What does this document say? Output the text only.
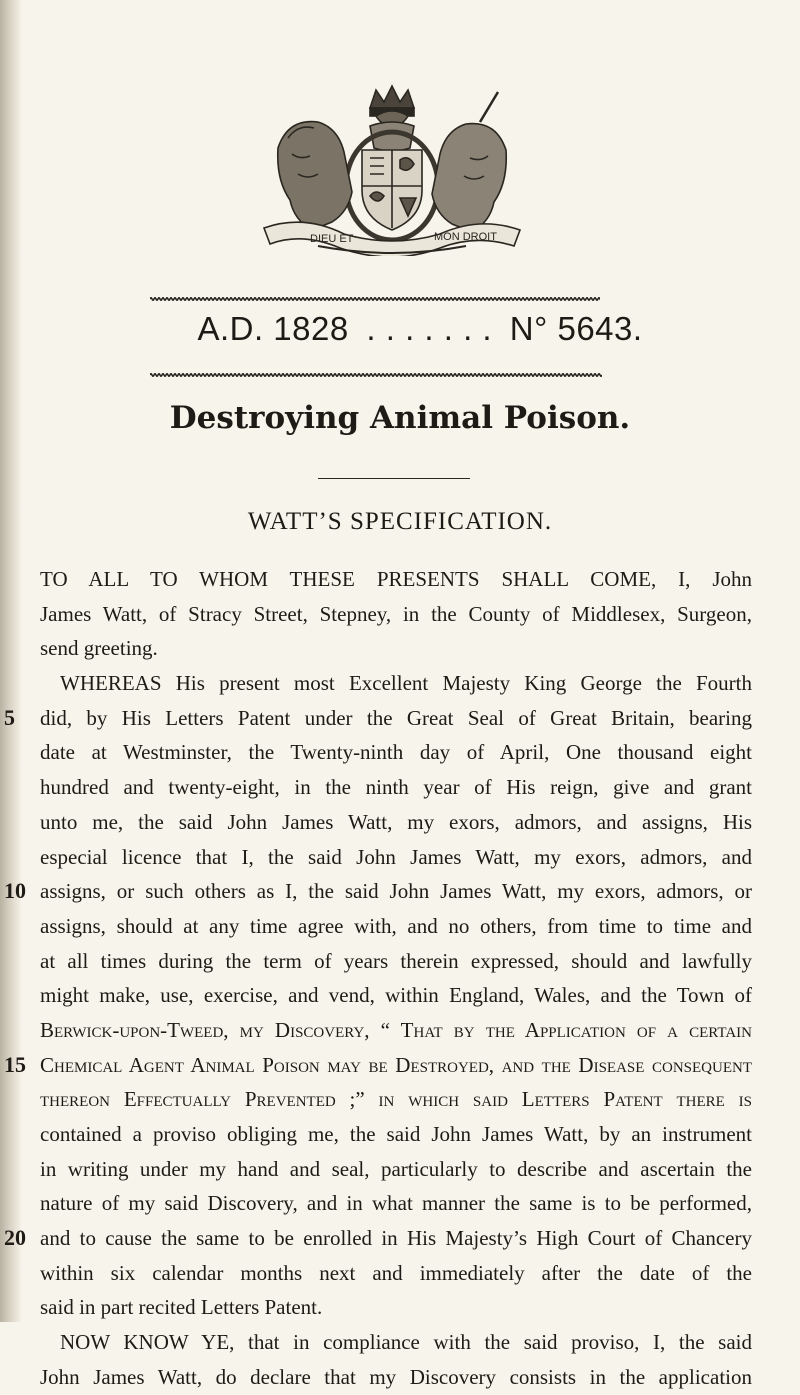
DIEU ET	MON DROIT
A.D. 1828 . . . . . . . N° 5643.
Destroying Animal Poison.
WATT’S SPECIFICATION.
TO ALL TO WHOM THESE PRESENTS SHALL COME, I, John
James Watt, of Stracy Street, Stepney, in the County of Middlesex, Surgeon,
send greeting.
WHEREAS His present most Excellent Majesty King George the Fourth
5	did, by His Letters Patent under the Great Seal of Great Britain, bearing
date at Westminster, the Twenty-ninth day of April, One thousand eight
hundred and twenty-eight, in the ninth year of His reign, give and grant
unto me, the said John James Watt, my exors, admors, and assigns, His
especial licence that I, the said John James Watt, my exors, admors, and
10 assigns, or such others as I, the said John James Watt, my exors, admors, or
assigns, should at any time agree with, and no others, from time to time and
at all times during the term of years therein expressed, should and lawfully
might make, use, exercise, and vend, within England, Wales, and the Town of
Berwick-upon-Tweed, my Discovery, “ That by the Application of a certain
15 Chemical Agent Animal Poison may be Destroyed, and the Disease consequent
thereon Effectually Prevented ;” in which said Letters Patent there is
contained a proviso obliging me, the said John James Watt, by an instrument
in writing under my hand and seal, particularly to describe and ascertain the
nature of my said Discovery, and in what manner the same is to be performed,
20 and to cause the same to be enrolled in His Majesty’s High Court of Chancery
within six calendar months next and immediately after the date of the
said in part recited Letters Patent.
NOW KNOW YE, that in compliance with the said proviso, I, the said
John James Watt, do declare that my Discovery consists in the application
